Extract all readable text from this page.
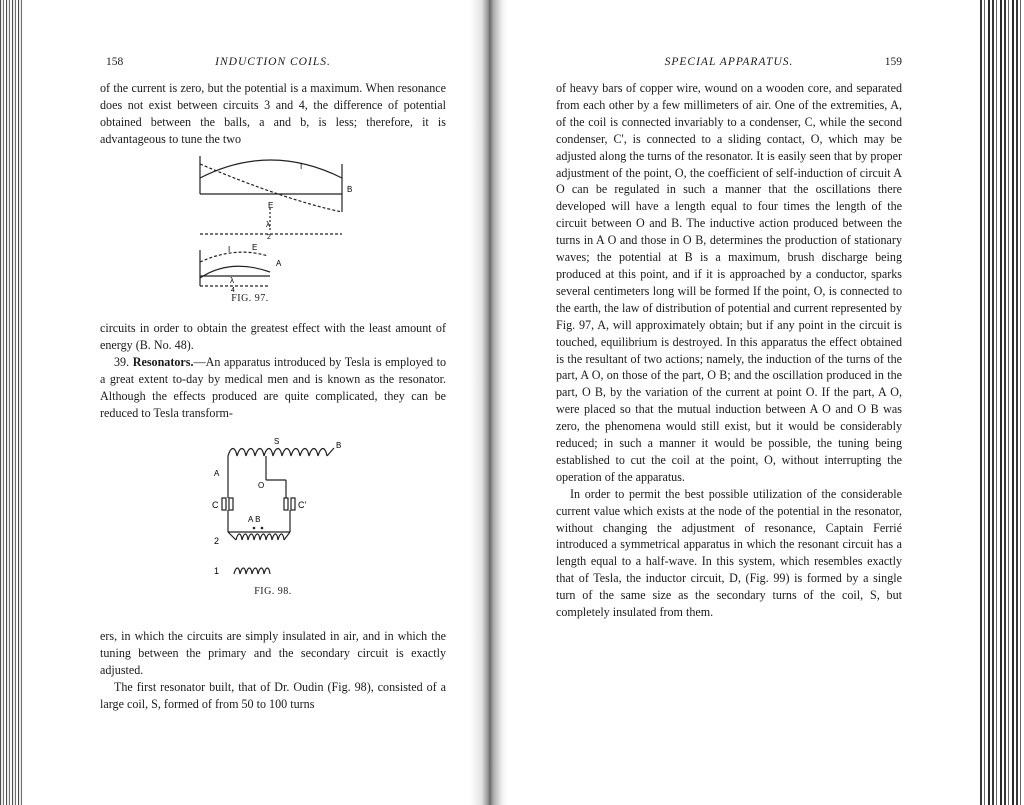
158	INDUCTION COILS.

of the current is zero, but the potential is a maximum. When resonance does not exist between circuits 3 and 4, the difference of potential obtained between the balls, a and b, is less; therefore, it is advantageous to tune the two

I
B
E
λ
2
I	E
A
λ
4
FIG. 97.

circuits in order to obtain the greatest effect with the least amount of energy (B. No. 48).

39. Resonators.—An apparatus introduced by Tesla is employed to a great extent to-day by medical men and is known as the resonator. Although the effects produced are quite complicated, they can be reduced to Tesla transform-

S	B
A
O
C	C'
A B
2
1
FIG. 98.

ers, in which the circuits are simply insulated in air, and in which the tuning between the primary and the secondary circuit is exactly adjusted.

The first resonator built, that of Dr. Oudin (Fig. 98), consisted of a large coil, S, formed of from 50 to 100 turns

SPECIAL APPARATUS.	159

of heavy bars of copper wire, wound on a wooden core, and separated from each other by a few millimeters of air. One of the extremities, A, of the coil is connected invariably to a condenser, C, while the second condenser, C', is connected to a sliding contact, O, which may be adjusted along the turns of the resonator. It is easily seen that by proper adjustment of the point, O, the coefficient of self-induction of circuit A O can be regulated in such a manner that the oscillations there developed will have a length equal to four times the length of the circuit between O and B. The inductive action produced between the turns in A O and those in O B, determines the production of stationary waves; the potential at B is a maximum, brush discharge being produced at this point, and if it is approached by a conductor, sparks several centimeters long will be formed If the point, O, is connected to the earth, the law of distribution of potential and current represented by Fig. 97, A, will approximately obtain; but if any point in the circuit is touched, equilibrium is destroyed. In this apparatus the effect obtained is the resultant of two actions; namely, the induction of the turns of the part, A O, on those of the part, O B; and the oscillation produced in the part, O B, by the variation of the current at point O. If the part, A O, were placed so that the mutual induction between A O and O B was zero, the phenomena would still exist, but it would be considerably reduced; in such a manner it would be possible, the tuning being established to cut the coil at the point, O, without interrupting the operation of the apparatus.

In order to permit the best possible utilization of the considerable current value which exists at the node of the potential in the resonator, without changing the adjustment of resonance, Captain Ferrié introduced a symmetrical apparatus in which the resonant circuit has a length equal to a half-wave. In this system, which resembles exactly that of Tesla, the inductor circuit, D, (Fig. 99) is formed by a single turn of the same size as the secondary turns of the coil, S, but completely insulated from them.
